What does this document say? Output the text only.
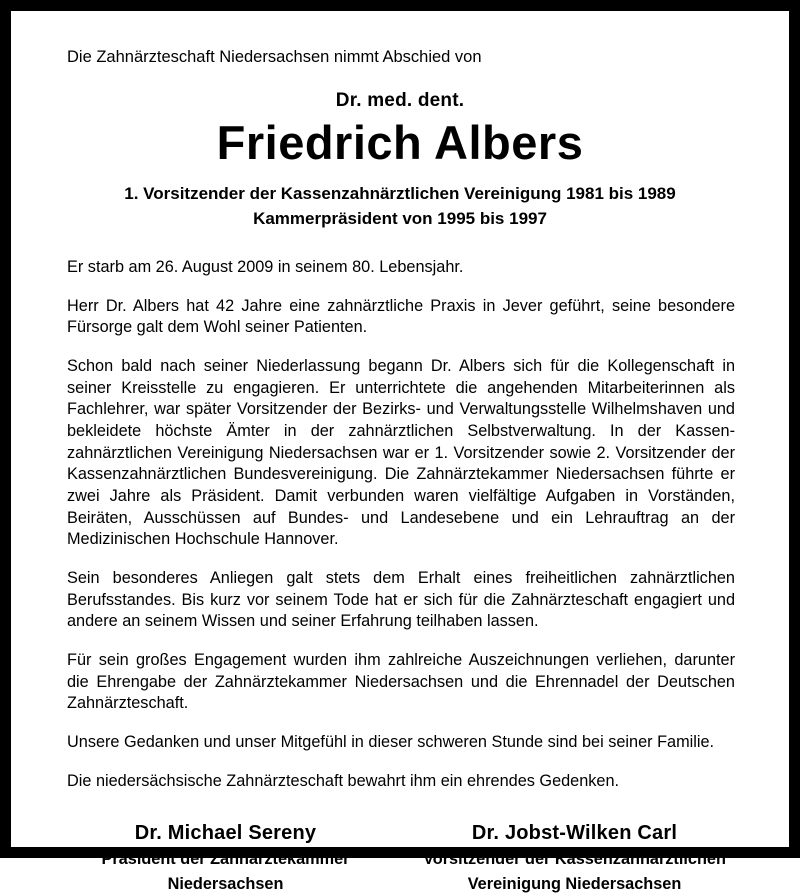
Die Zahnärzteschaft Niedersachsen nimmt Abschied von
Dr. med. dent.
Friedrich Albers
1. Vorsitzender der Kassenzahnärztlichen Vereinigung 1981 bis 1989
Kammerpräsident von 1995 bis 1997

Er starb am 26. August 2009 in seinem 80. Lebensjahr.

Herr Dr. Albers hat 42 Jahre eine zahnärztliche Praxis in Jever geführt, seine besondere Fürsorge galt dem Wohl seiner Patienten.

Schon bald nach seiner Niederlassung begann Dr. Albers sich für die Kollegenschaft in seiner Kreisstelle zu engagieren. Er unterrichtete die angehenden Mitarbeiterinnen als Fachlehrer, war später Vorsitzender der Bezirks- und Verwaltungsstelle Wilhelmshaven und bekleidete höchste Ämter in der zahnärztlichen Selbstverwaltung. In der Kassen-zahnärztlichen Vereinigung Niedersachsen war er 1. Vorsitzender sowie 2. Vorsitzender der Kassenzahnärztlichen Bundesvereinigung. Die Zahnärztekammer Niedersachsen führte er zwei Jahre als Präsident. Damit verbunden waren vielfältige Aufgaben in Vorständen, Beiräten, Ausschüssen auf Bundes- und Landesebene und ein Lehrauftrag an der Medizinischen Hochschule Hannover.

Sein besonderes Anliegen galt stets dem Erhalt eines freiheitlichen zahnärztlichen Berufsstandes. Bis kurz vor seinem Tode hat er sich für die Zahnärzteschaft engagiert und andere an seinem Wissen und seiner Erfahrung teilhaben lassen.

Für sein großes Engagement wurden ihm zahlreiche Auszeichnungen verliehen, darunter die Ehrengabe der Zahnärztekammer Niedersachsen und die Ehrennadel der Deutschen Zahnärzteschaft.

Unsere Gedanken und unser Mitgefühl in dieser schweren Stunde sind bei seiner Familie.

Die niedersächsische Zahnärzteschaft bewahrt ihm ein ehrendes Gedenken.

Dr. Michael Sereny
Präsident der Zahnärztekammer
Niedersachsen
Dr. Jobst-Wilken Carl
Vorsitzender der Kassenzahnärztlichen
Vereinigung Niedersachsen
